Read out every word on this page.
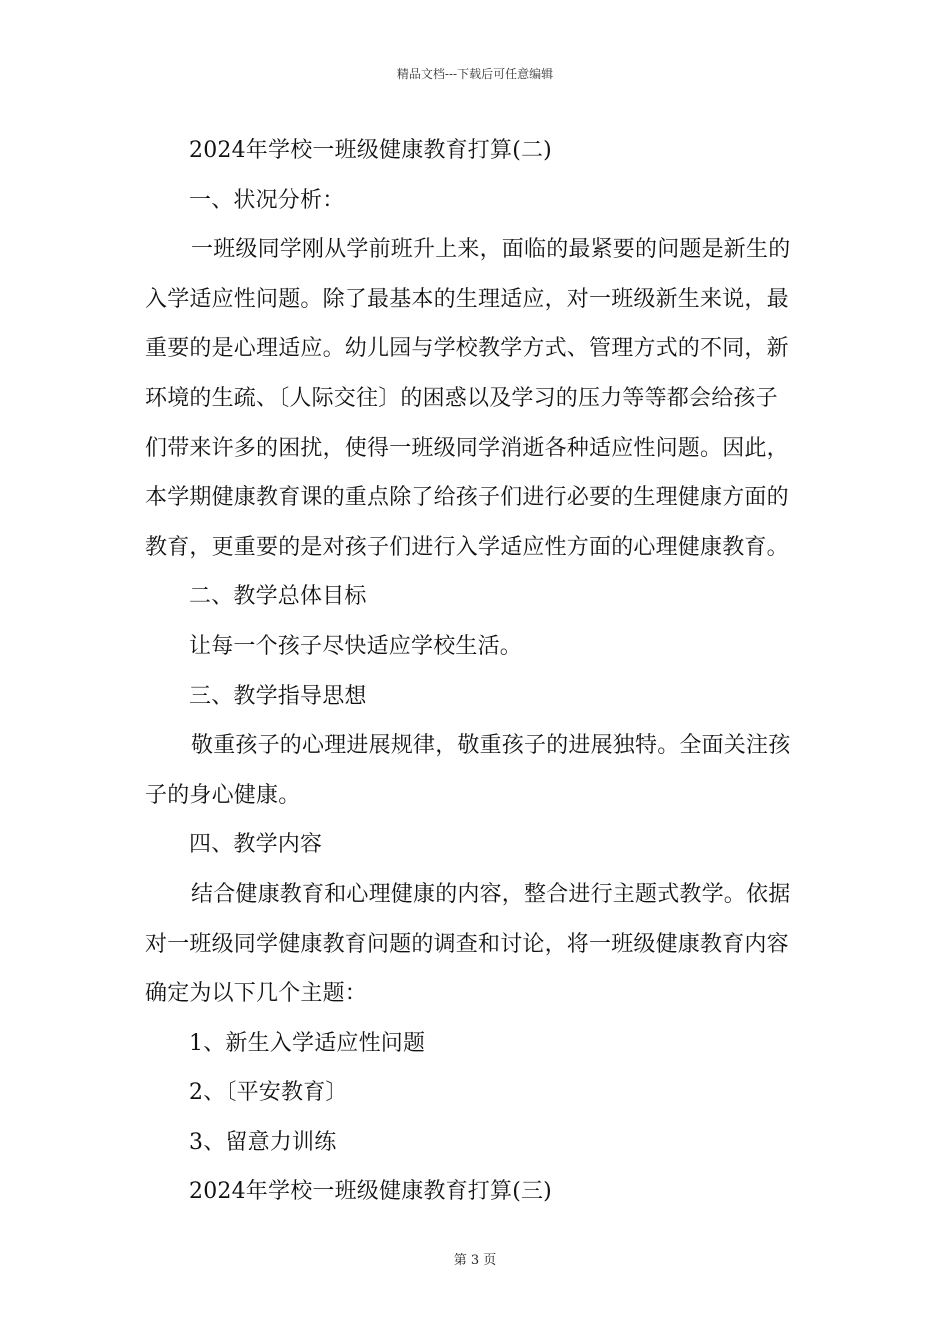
精品文档---下载后可任意编辑
2024年学校一班级健康教育打算(二)
一、状况分析：
一班级同学刚从学前班升上来，面临的最紧要的问题是新生的
入学适应性问题。除了最基本的生理适应，对一班级新生来说，最
重要的是心理适应。幼儿园与学校教学方式、管理方式的不同，新
环境的生疏、〔人际交往〕的困惑以及学习的压力等等都会给孩子
们带来许多的困扰，使得一班级同学消逝各种适应性问题。因此，
本学期健康教育课的重点除了给孩子们进行必要的生理健康方面的
教育，更重要的是对孩子们进行入学适应性方面的心理健康教育。
二、教学总体目标
让每一个孩子尽快适应学校生活。
三、教学指导思想
敬重孩子的心理进展规律，敬重孩子的进展独特。全面关注孩
子的身心健康。
四、教学内容
结合健康教育和心理健康的内容，整合进行主题式教学。依据
对一班级同学健康教育问题的调查和讨论，将一班级健康教育内容
确定为以下几个主题：
1、新生入学适应性问题
2、〔平安教育〕
3、留意力训练
2024年学校一班级健康教育打算(三)
第 3 页
